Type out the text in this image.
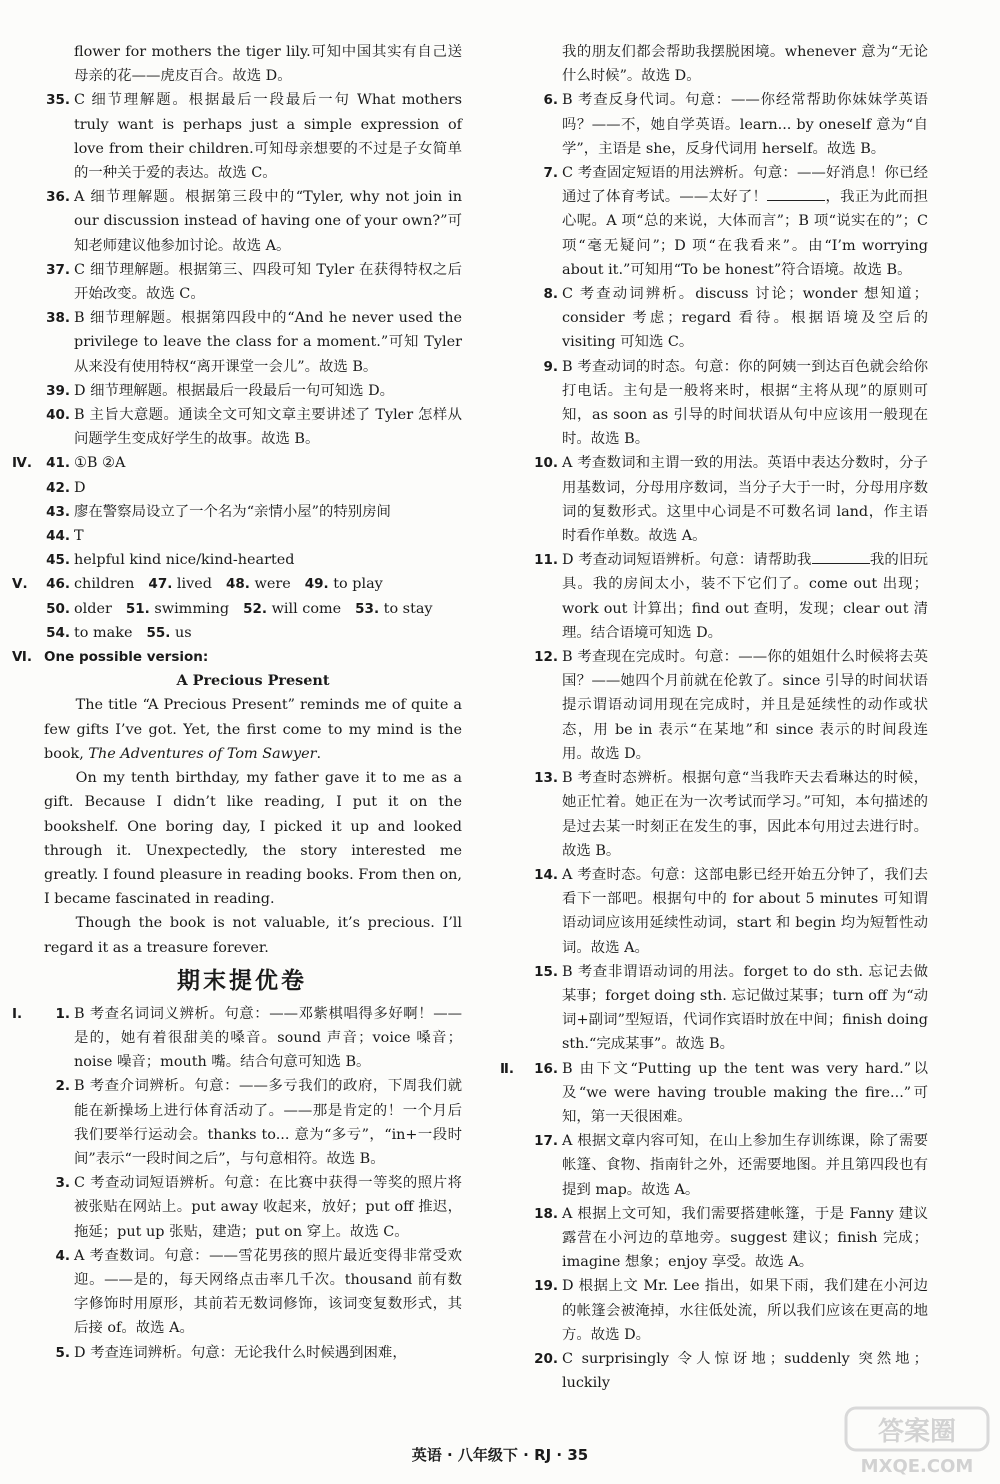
flower for mothers the tiger lily.可知中国其实有自己送母亲的花——虎皮百合。故选 D。

35. C 细节理解题。根据最后一段最后一句 What mothers truly want is perhaps just a simple expression of love from their children.可知母亲想要的不过是子女简单的一种关于爱的表达。故选 C。

36. A 细节理解题。根据第三段中的“Tyler, why not join in our discussion instead of having one of your own?”可知老师建议他参加讨论。故选 A。

37. C 细节理解题。根据第三、四段可知 Tyler 在获得特权之后开始改变。故选 C。

38. B 细节理解题。根据第四段中的“And he never used the privilege to leave the class for a moment.”可知 Tyler 从来没有使用特权“离开课堂一会儿”。故选 B。

39. D 细节理解题。根据最后一段最后一句可知选 D。

40. B 主旨大意题。通读全文可知文章主要讲述了 Tyler 怎样从问题学生变成好学生的故事。故选 B。

Ⅳ.	41. ①B ②A

42. D

43. 廖在警察局设立了一个名为“亲情小屋”的特别房间

44. T

45. helpful kind nice/kind-hearted

Ⅴ.	46. children 47. lived 48. were 49. to play
50. older 51. swimming 52. will come 53. to stay
54. to make 55. us
Ⅵ. One possible version:
A Precious Present

The title “A Precious Present” reminds me of quite a few gifts I’ve got. Yet, the first come to my mind is the book, The Adventures of Tom Sawyer.

On my tenth birthday, my father gave it to me as a gift. Because I didn’t like reading, I put it on the bookshelf. One boring day, I picked it up and looked through it. Unexpectedly, the story interested me greatly. I found pleasure in reading books. From then on, I became fascinated in reading.

Though the book is not valuable, it’s precious. I’ll regard it as a treasure forever.

期末提优卷

Ⅰ.	1. B 考查名词词义辨析。句意：——邓紫棋唱得多好啊！——是的，她有着很甜美的嗓音。sound 声音；voice 嗓音；noise 噪音；mouth 嘴。结合句意可知选 B。

2. B 考查介词辨析。句意：——多亏我们的政府，下周我们就能在新操场上进行体育活动了。——那是肯定的！一个月后我们要举行运动会。thanks to... 意为“多亏”，“in+一段时间”表示“一段时间之后”，与句意相符。故选 B。

3. C 考查动词短语辨析。句意：在比赛中获得一等奖的照片将被张贴在网站上。put away 收起来，放好；put off 推迟，拖延；put up 张贴，建造；put on 穿上。故选 C。

4. A 考查数词。句意：——雪花男孩的照片最近变得非常受欢迎。——是的，每天网络点击率几千次。thousand 前有数字修饰时用原形，其前若无数词修饰，该词变复数形式，其后接 of。故选 A。

5. D 考查连词辨析。句意：无论我什么时候遇到困难，

我的朋友们都会帮助我摆脱困境。whenever 意为“无论什么时候”。故选 D。

6. B 考查反身代词。句意：——你经常帮助你妹妹学英语吗？——不，她自学英语。learn... by oneself 意为“自学”，主语是 she，反身代词用 herself。故选 B。

7. C 考查固定短语的用法辨析。句意：——好消息！你已经通过了体育考试。——太好了！	，我正为此而担心呢。A 项“总的来说，大体而言”；B 项“说实在的”；C 项“毫无疑问”；D 项“在我看来”。由“I’m worrying about it.”可知用“To be honest”符合语境。故选 B。

8. C 考查动词辨析。discuss 讨论；wonder 想知道；consider 考虑；regard 看待。根据语境及空后的 visiting 可知选 C。

9. B 考查动词的时态。句意：你的阿姨一到达百色就会给你打电话。主句是一般将来时，根据“主将从现”的原则可知，as soon as 引导的时间状语从句中应该用一般现在时。故选 B。

10. A 考查数词和主谓一致的用法。英语中表达分数时，分子用基数词，分母用序数词，当分子大于一时，分母用序数词的复数形式。这里中心词是不可数名词 land，作主语时看作单数。故选 A。

11. D 考查动词短语辨析。句意：请帮助我	我的旧玩具。我的房间太小，装不下它们了。come out 出现；work out 计算出；find out 查明，发现；clear out 清理。结合语境可知选 D。

12. B 考查现在完成时。句意：——你的姐姐什么时候将去英国？——她四个月前就在伦敦了。since 引导的时间状语提示谓语动词用现在完成时，并且是延续性的动作或状态，用 be in 表示“在某地”和 since 表示的时间段连用。故选 D。

13. B 考查时态辨析。根据句意“当我昨天去看琳达的时候，她正忙着。她正在为一次考试而学习。”可知，本句描述的是过去某一时刻正在发生的事，因此本句用过去进行时。故选 B。

14. A 考查时态。句意：这部电影已经开始五分钟了，我们去看下一部吧。根据句中的 for about 5 minutes 可知谓语动词应该用延续性动词，start 和 begin 均为短暂性动词。故选 A。

15. B 考查非谓语动词的用法。forget to do sth. 忘记去做某事；forget doing sth. 忘记做过某事；turn off 为“动词+副词”型短语，代词作宾语时放在中间；finish doing sth.“完成某事”。故选 B。

Ⅱ.	16. B 由下文“Putting up the tent was very hard.”以及“we were having trouble making the fire...”可知，第一天很困难。

17. A 根据文章内容可知，在山上参加生存训练课，除了需要帐篷、食物、指南针之外，还需要地图。并且第四段也有提到 map。故选 A。

18. A 根据上文可知，我们需要搭建帐篷，于是 Fanny 建议露营在小河边的草地旁。suggest 建议；finish 完成；imagine 想象；enjoy 享受。故选 A。

19. D 根据上文 Mr. Lee 指出，如果下雨，我们建在小河边的帐篷会被淹掉，水往低处流，所以我们应该在更高的地方。故选 D。

20. C surprisingly 令人惊讶地；suddenly 突然地；luckily

英语 · 八年级下 · RJ · 35
答案圈
MXQE.COM
